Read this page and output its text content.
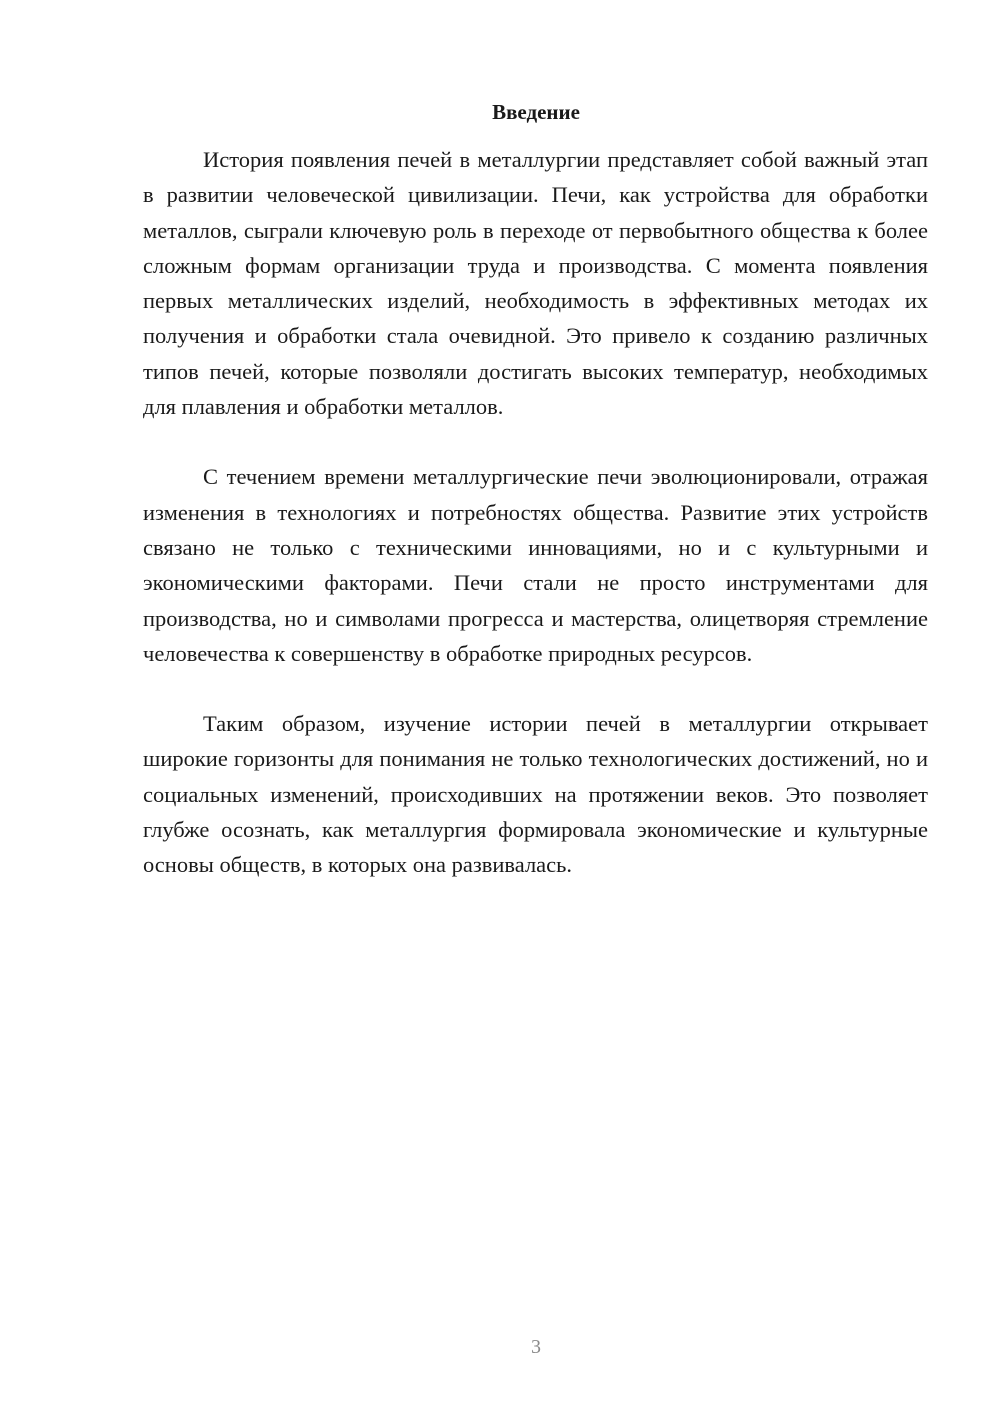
Введение

История появления печей в металлургии представляет собой важный этап в развитии человеческой цивилизации. Печи, как устройства для обработки металлов, сыграли ключевую роль в переходе от первобытного общества к более сложным формам организации труда и производства. С момента появления первых металлических изделий, необходимость в эффективных методах их получения и обработки стала очевидной. Это привело к созданию различных типов печей, которые позволяли достигать высоких температур, необходимых для плавления и обработки металлов.

С течением времени металлургические печи эволюционировали, отражая изменения в технологиях и потребностях общества. Развитие этих устройств связано не только с техническими инновациями, но и с культурными и экономическими факторами. Печи стали не просто инструментами для производства, но и символами прогресса и мастерства, олицетворяя стремление человечества к совершенству в обработке природных ресурсов.

Таким образом, изучение истории печей в металлургии открывает широкие горизонты для понимания не только технологических достижений, но и социальных изменений, происходивших на протяжении веков. Это позволяет глубже осознать, как металлургия формировала экономические и культурные основы обществ, в которых она развивалась.

3
